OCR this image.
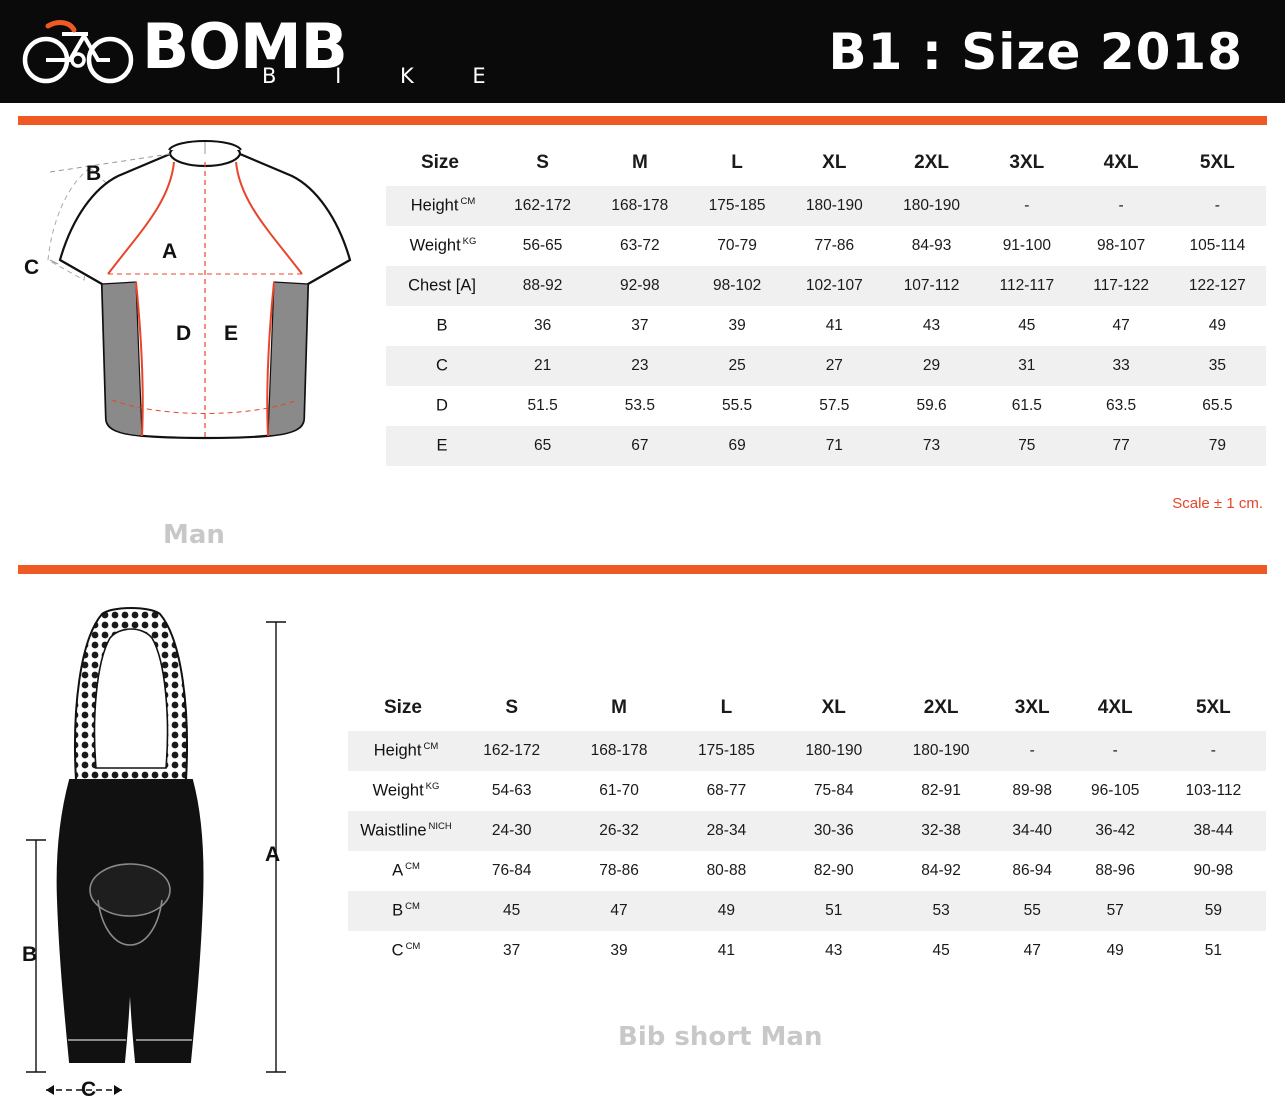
BOMB
B I K E	B1 : Size 2018
B
C
A
D E
Man
Size	S	M	L	XL	2XL	3XL	4XL	5XL
Height $^{CM}$	162-172	168-178	175-185	180-190	180-190	-	-	-
Weight $^{KG}$	56-65	63-72	70-79	77-86	84-93	91-100	98-107	105-114
Chest [A]	88-92	92-98	98-102	102-107	107-112	112-117	117-122	122-127
B	36	37	39	41	43	45	47	49
C	21	23	25	27	29	31	33	35
D	51.5	53.5	55.5	57.5	59.6	61.5	63.5	65.5
E	65	67	69	71	73	75	77	79
Scale ± 1 cm.
A
B
C
Size	S	M	L	XL	2XL	3XL	4XL	5XL
Height $^{CM}$	162-172	168-178	175-185	180-190	180-190	-	-	-
Weight $^{KG}$	54-63	61-70	68-77	75-84	82-91	89-98	96-105	103-112
Waistline $^{NICH}$	24-30	26-32	28-34	30-36	32-38	34-40	36-42	38-44
A $^{CM}$	76-84	78-86	80-88	82-90	84-92	86-94	88-96	90-98
B $^{CM}$	45	47	49	51	53	55	57	59
C $^{CM}$	37	39	41	43	45	47	49	51
Bib short Man
